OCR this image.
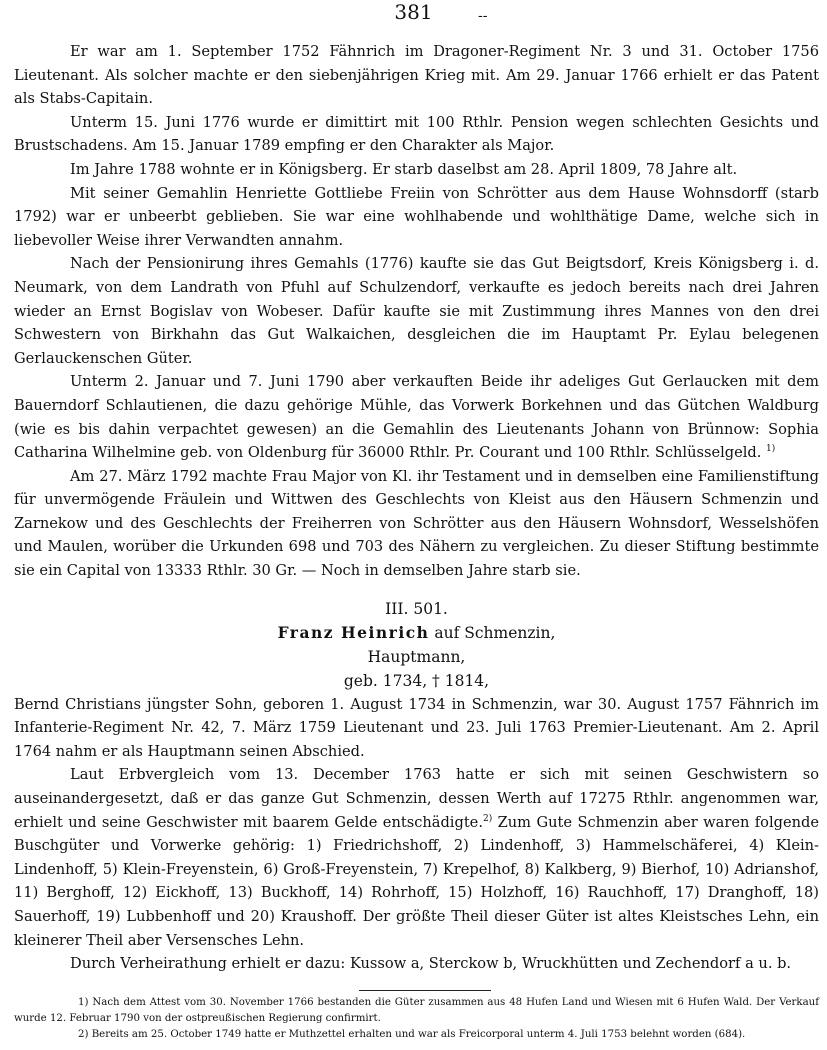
381	--

Er war am 1. September 1752 Fähnrich im Dragoner-Regiment Nr. 3 und 31. October 1756 Lieutenant. Als solcher machte er den siebenjährigen Krieg mit. Am 29. Januar 1766 erhielt er das Patent als Stabs-Capitain.

Unterm 15. Juni 1776 wurde er dimittirt mit 100 Rthlr. Pension wegen schlechten Gesichts und Brustschadens. Am 15. Januar 1789 empfing er den Charakter als Major.

Im Jahre 1788 wohnte er in Königsberg. Er starb daselbst am 28. April 1809, 78 Jahre alt.

Mit seiner Gemahlin Henriette Gottliebe Freiin von Schrötter aus dem Hause Wohnsdorff (starb 1792) war er unbeerbt geblieben. Sie war eine wohlhabende und wohlthätige Dame, welche sich in liebevoller Weise ihrer Verwandten annahm.

Nach der Pensionirung ihres Gemahls (1776) kaufte sie das Gut Beigtsdorf, Kreis Königsberg i. d. Neumark, von dem Landrath von Pfuhl auf Schulzendorf, verkaufte es jedoch bereits nach drei Jahren wieder an Ernst Bogislav von Wobeser. Dafür kaufte sie mit Zustimmung ihres Mannes von den drei Schwestern von Birkhahn das Gut Walkaichen, desgleichen die im Hauptamt Pr. Eylau belegenen Gerlauckenschen Güter.

Unterm 2. Januar und 7. Juni 1790 aber verkauften Beide ihr adeliges Gut Gerlaucken mit dem Bauerndorf Schlautienen, die dazu gehörige Mühle, das Vorwerk Borkehnen und das Gütchen Waldburg (wie es bis dahin verpachtet gewesen) an die Gemahlin des Lieutenants Johann von Brünnow: Sophia Catharina Wilhelmine geb. von Oldenburg für 36000 Rthlr. Pr. Courant und 100 Rthlr. Schlüsselgeld. $^{1)}$

Am 27. März 1792 machte Frau Major von Kl. ihr Testament und in demselben eine Familienstiftung für unvermögende Fräulein und Wittwen des Geschlechts von Kleist aus den Häusern Schmenzin und Zarnekow und des Geschlechts der Freiherren von Schrötter aus den Häusern Wohnsdorf, Wesselshöfen und Maulen, worüber die Urkunden 698 und 703 des Nähern zu vergleichen. Zu dieser Stiftung bestimmte sie ein Capital von 13333 Rthlr. 30 Gr. — Noch in demselben Jahre starb sie.

III. 501.

Franz Heinrich auf Schmenzin,

Hauptmann,

geb. 1734, † 1814,

Bernd Christians jüngster Sohn, geboren 1. August 1734 in Schmenzin, war 30. August 1757 Fähnrich im Infanterie-Regiment Nr. 42, 7. März 1759 Lieutenant und 23. Juli 1763 Premier-Lieutenant. Am 2. April 1764 nahm er als Hauptmann seinen Abschied.

Laut Erbvergleich vom 13. December 1763 hatte er sich mit seinen Geschwistern so auseinandergesetzt, daß er das ganze Gut Schmenzin, dessen Werth auf 17275 Rthlr. angenommen war, erhielt und seine Geschwister mit baarem Gelde entschädigte.$^{2)}$ Zum Gute Schmenzin aber waren folgende Buschgüter und Vorwerke gehörig: 1) Friedrichshoff, 2) Lindenhoff, 3) Hammelschäferei, 4) Klein-Lindenhoff, 5) Klein-Freyenstein, 6) Groß-Freyenstein, 7) Krepelhof, 8) Kalkberg, 9) Bierhof, 10) Adrianshof, 11) Berghoff, 12) Eickhoff, 13) Buckhoff, 14) Rohrhoff, 15) Holzhoff, 16) Rauchhoff, 17) Dranghoff, 18) Sauerhoff, 19) Lubbenhoff und 20) Kraushoff. Der größte Theil dieser Güter ist altes Kleistsches Lehn, ein kleinerer Theil aber Versensches Lehn.

Durch Verheirathung erhielt er dazu: Kussow a, Sterckow b, Wruckhütten und Zechendorf a u. b.

1) Nach dem Attest vom 30. November 1766 bestanden die Güter zusammen aus 48 Hufen Land und Wiesen mit 6 Hufen Wald. Der Verkauf wurde 12. Februar 1790 von der ostpreußischen Regierung confirmirt.

2) Bereits am 25. October 1749 hatte er Muthzettel erhalten und war als Freicorporal unterm 4. Juli 1753 belehnt worden (684).
